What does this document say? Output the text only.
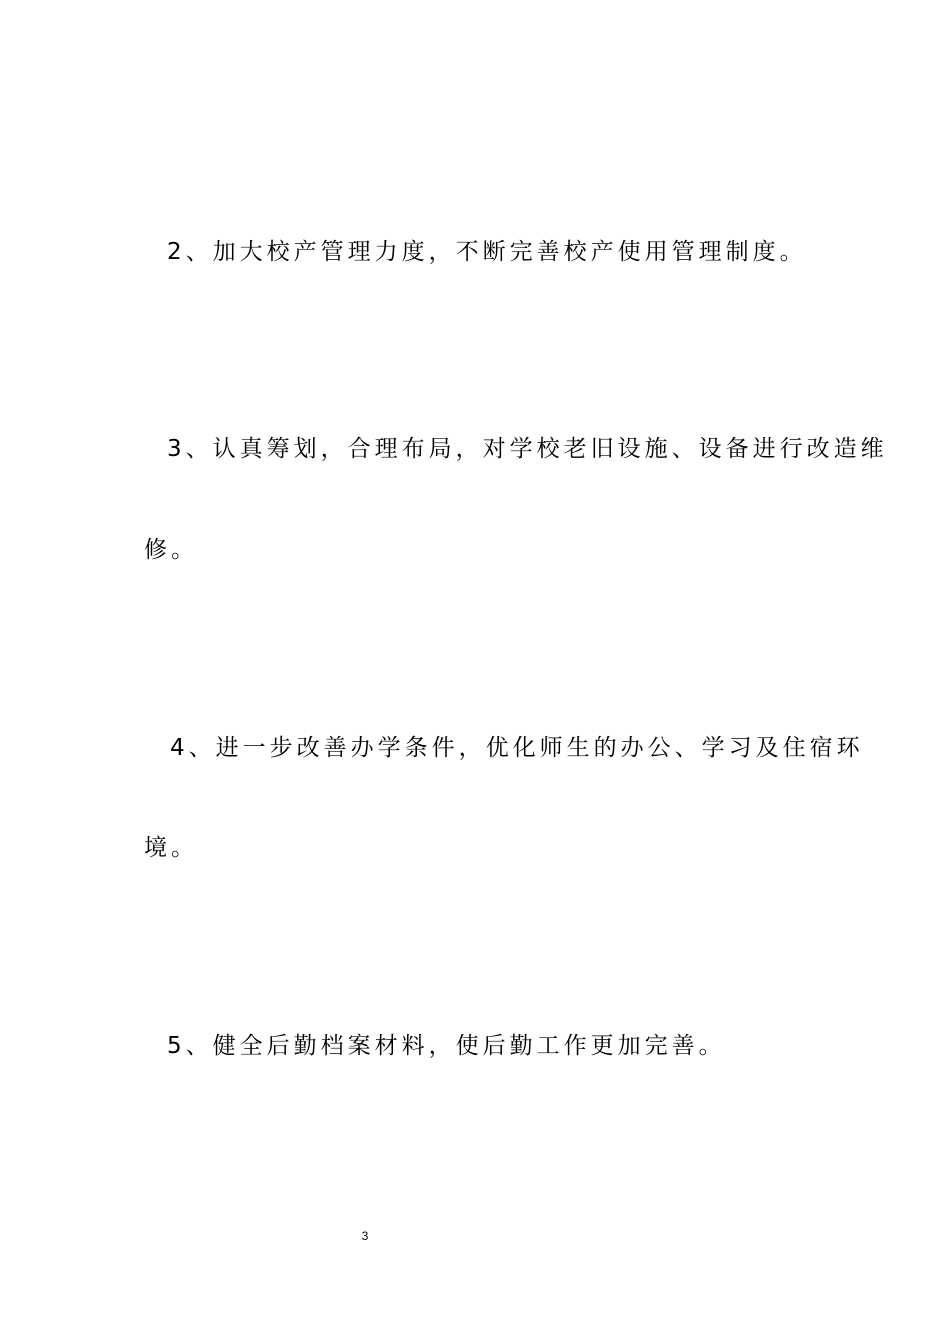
2、加大校产管理力度，不断完善校产使用管理制度。

3、认真筹划，合理布局，对学校老旧设施、设备进行改造维

修。

4、进一步改善办学条件，优化师生的办公、学习及住宿环

境。

5、健全后勤档案材料，使后勤工作更加完善。

3
